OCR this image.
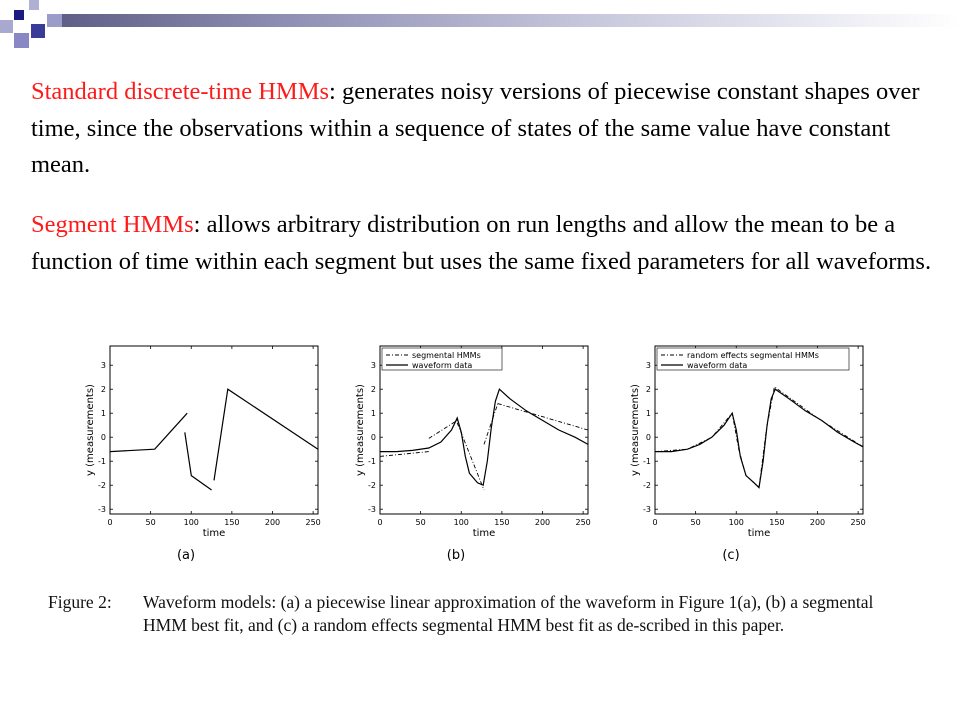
Standard discrete-time HMMs: generates noisy versions of piecewise constant shapes over time, since the observations within a sequence of states of the same value have constant mean.

Segment HMMs: allows arbitrary distribution on run lengths and allow the mean to be a function of time within each segment but uses the same fixed parameters for all waveforms.

0	50	100	150	200	250
-3
-2
-1
0
1
2
3
time
y (measurements)
(a)
0	50	100	150	200	250
-3
-2
-1
0
1
2
3
time
y (measurements)
segmental HMMs
waveform data
(b)
0	50	100	150	200	250
-3
-2
-1
0
1
2
3
time
y (measurements)
random effects segmental HMMs
waveform data
(c)
Figure 2: Waveform models: (a) a piecewise linear approximation of the waveform in Figure 1(a), (b) a segmental HMM best fit, and (c) a random effects segmental HMM best fit as de-scribed in this paper.
